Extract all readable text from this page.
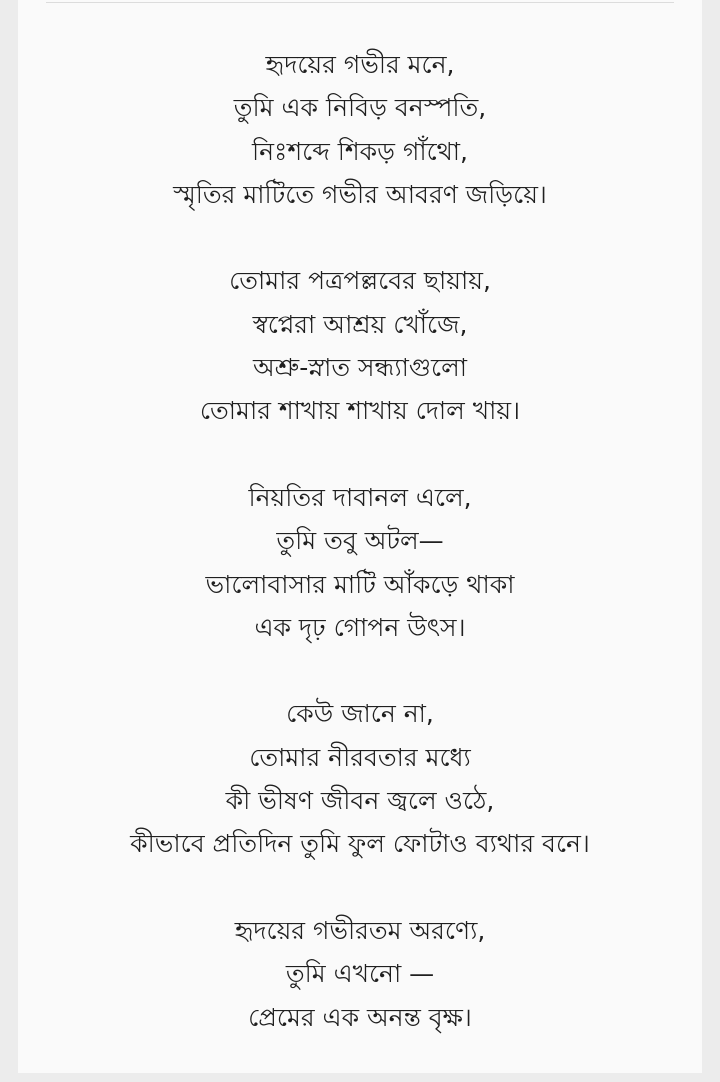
হৃদয়ের গভীর মনে,
তুমি এক নিবিড় বনস্পতি,
নিঃশব্দে শিকড় গাঁথো,
স্মৃতির মাটিতে গভীর আবরণ জড়িয়ে।
তোমার পত্রপল্লবের ছায়ায়,
স্বপ্নেরা আশ্রয় খোঁজে,
অশ্রু-স্নাত সন্ধ্যাগুলো
তোমার শাখায় শাখায় দোল খায়।
নিয়তির দাবানল এলে,
তুমি তবু অটল—
ভালোবাসার মাটি আঁকড়ে থাকা
এক দৃঢ় গোপন উৎস।
কেউ জানে না,
তোমার নীরবতার মধ্যে
কী ভীষণ জীবন জ্বলে ওঠে,
কীভাবে প্রতিদিন তুমি ফুল ফোটাও ব্যথার বনে।
হৃদয়ের গভীরতম অরণ্যে,
তুমি এখনো —
প্রেমের এক অনন্ত বৃক্ষ।
